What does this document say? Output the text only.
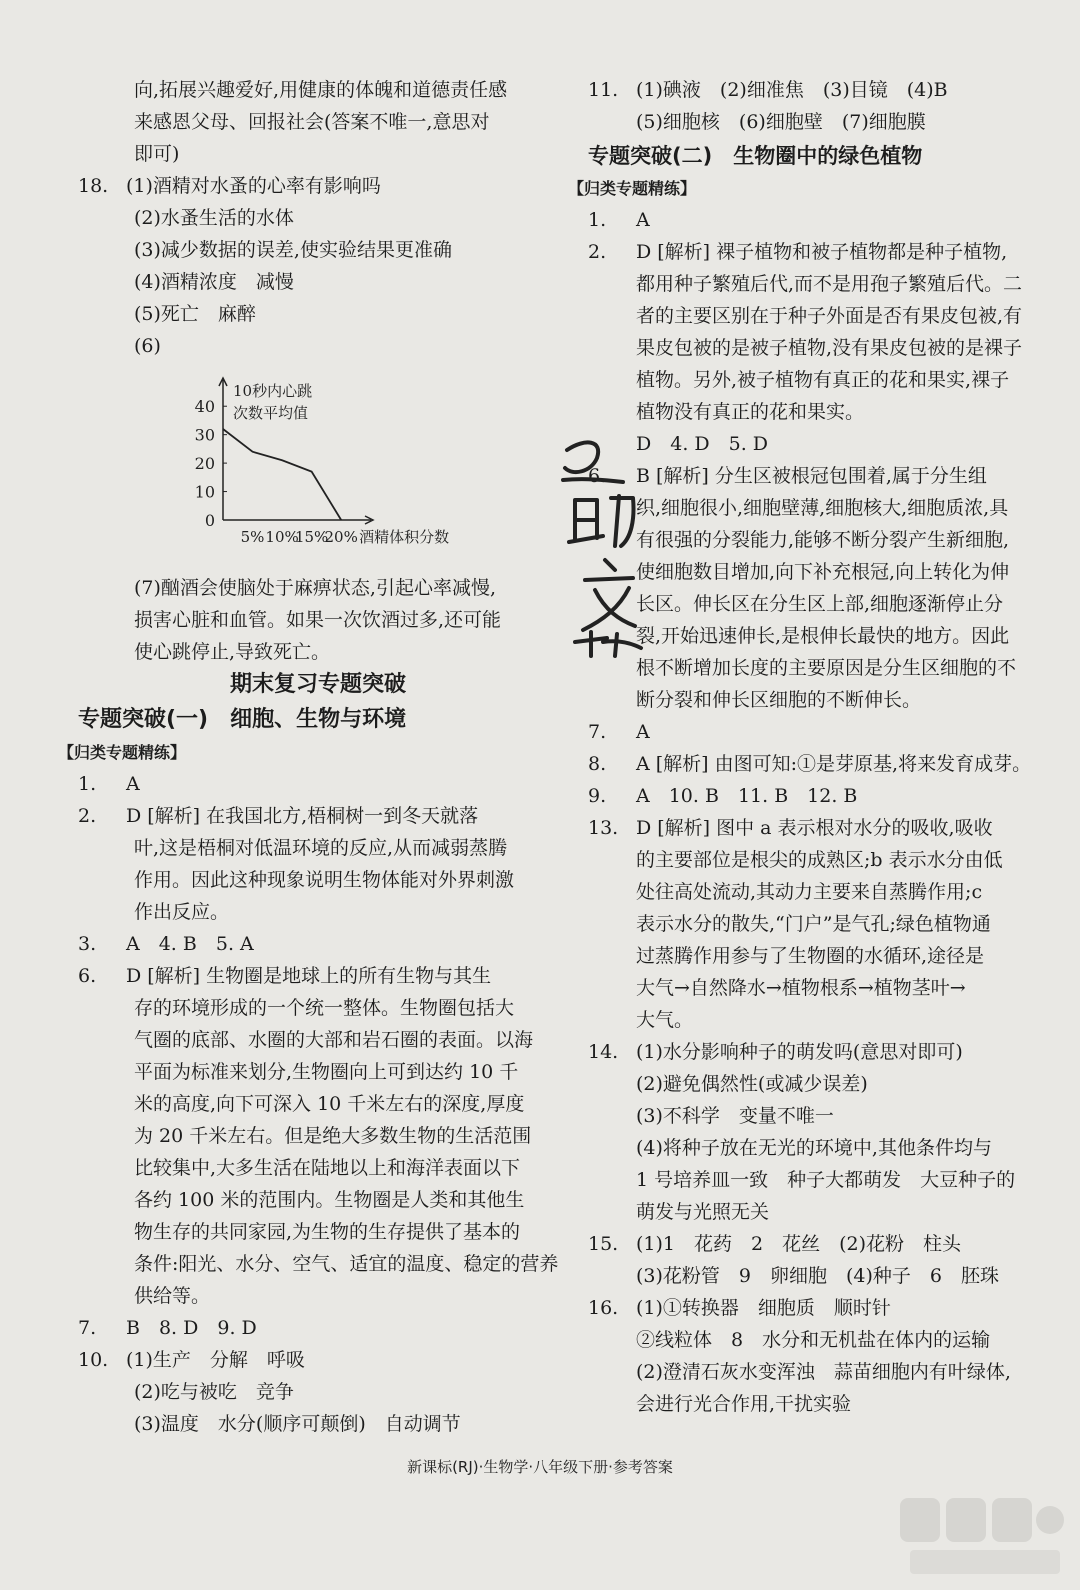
向,拓展兴趣爱好,用健康的体魄和道德责任感
来感恩父母、回报社会(答案不唯一,意思对
即可)
18. (1)酒精对水蚤的心率有影响吗
(2)水蚤生活的水体
(3)减少数据的误差,使实验结果更准确
(4)酒精浓度　减慢
(5)死亡　麻醉
(6)
0
10
20
30
40
5% 10%
15%
20% 酒精体积分数
10秒内心跳
次数平均值
(7)酗酒会使脑处于麻痹状态,引起心率减慢,
损害心脏和血管。如果一次饮酒过多,还可能
使心跳停止,导致死亡。
期末复习专题突破
专题突破(一)　细胞、生物与环境
【归类专题精练】
1. A
2. D [解析] 在我国北方,梧桐树一到冬天就落
叶,这是梧桐对低温环境的反应,从而减弱蒸腾
作用。因此这种现象说明生物体能对外界刺激
作出反应。
3. A　4. B　5. A
6. D [解析] 生物圈是地球上的所有生物与其生
存的环境形成的一个统一整体。生物圈包括大
气圈的底部、水圈的大部和岩石圈的表面。以海
平面为标准来划分,生物圈向上可到达约 10 千
米的高度,向下可深入 10 千米左右的深度,厚度
为 20 千米左右。但是绝大多数生物的生活范围
比较集中,大多生活在陆地以上和海洋表面以下
各约 100 米的范围内。生物圈是人类和其他生
物生存的共同家园,为生物的生存提供了基本的
条件:阳光、水分、空气、适宜的温度、稳定的营养
供给等。
7. B　8. D　9. D
10. (1)生产　分解　呼吸
(2)吃与被吃　竞争
(3)温度　水分(顺序可颠倒)　自动调节
11. (1)碘液　(2)细准焦　(3)目镜　(4)B
(5)细胞核　(6)细胞壁　(7)细胞膜
专题突破(二)　生物圈中的绿色植物
【归类专题精练】
1. A
2. D [解析] 裸子植物和被子植物都是种子植物,
都用种子繁殖后代,而不是用孢子繁殖后代。二
者的主要区别在于种子外面是否有果皮包被,有
果皮包被的是被子植物,没有果皮包被的是裸子
植物。另外,被子植物有真正的花和果实,裸子
植物没有真正的花和果实。
D　4. D　5. D
6. B [解析] 分生区被根冠包围着,属于分生组
织,细胞很小,细胞壁薄,细胞核大,细胞质浓,具
有很强的分裂能力,能够不断分裂产生新细胞,
使细胞数目增加,向下补充根冠,向上转化为伸
长区。伸长区在分生区上部,细胞逐渐停止分
裂,开始迅速伸长,是根伸长最快的地方。因此
根不断增加长度的主要原因是分生区细胞的不
断分裂和伸长区细胞的不断伸长。
7. A
8. A [解析] 由图可知:①是芽原基,将来发育成芽。
9. A　10. B　11. B　12. B
13. D [解析] 图中 a 表示根对水分的吸收,吸收
的主要部位是根尖的成熟区;b 表示水分由低
处往高处流动,其动力主要来自蒸腾作用;c
表示水分的散失,“门户”是气孔;绿色植物通
过蒸腾作用参与了生物圈的水循环,途径是
大气→自然降水→植物根系→植物茎叶→
大气。
14. (1)水分影响种子的萌发吗(意思对即可)
(2)避免偶然性(或减少误差)
(3)不科学　变量不唯一
(4)将种子放在无光的环境中,其他条件均与
1 号培养皿一致　种子大都萌发　大豆种子的
萌发与光照无关
15. (1)1　花药　2　花丝　(2)花粉　柱头
(3)花粉管　9　卵细胞　(4)种子　6　胚珠
16. (1)①转换器　细胞质　顺时针
②线粒体　8　水分和无机盐在体内的运输
(2)澄清石灰水变浑浊　蒜苗细胞内有叶绿体,
会进行光合作用,干扰实验
新课标(RJ)·生物学·八年级下册·参考答案
